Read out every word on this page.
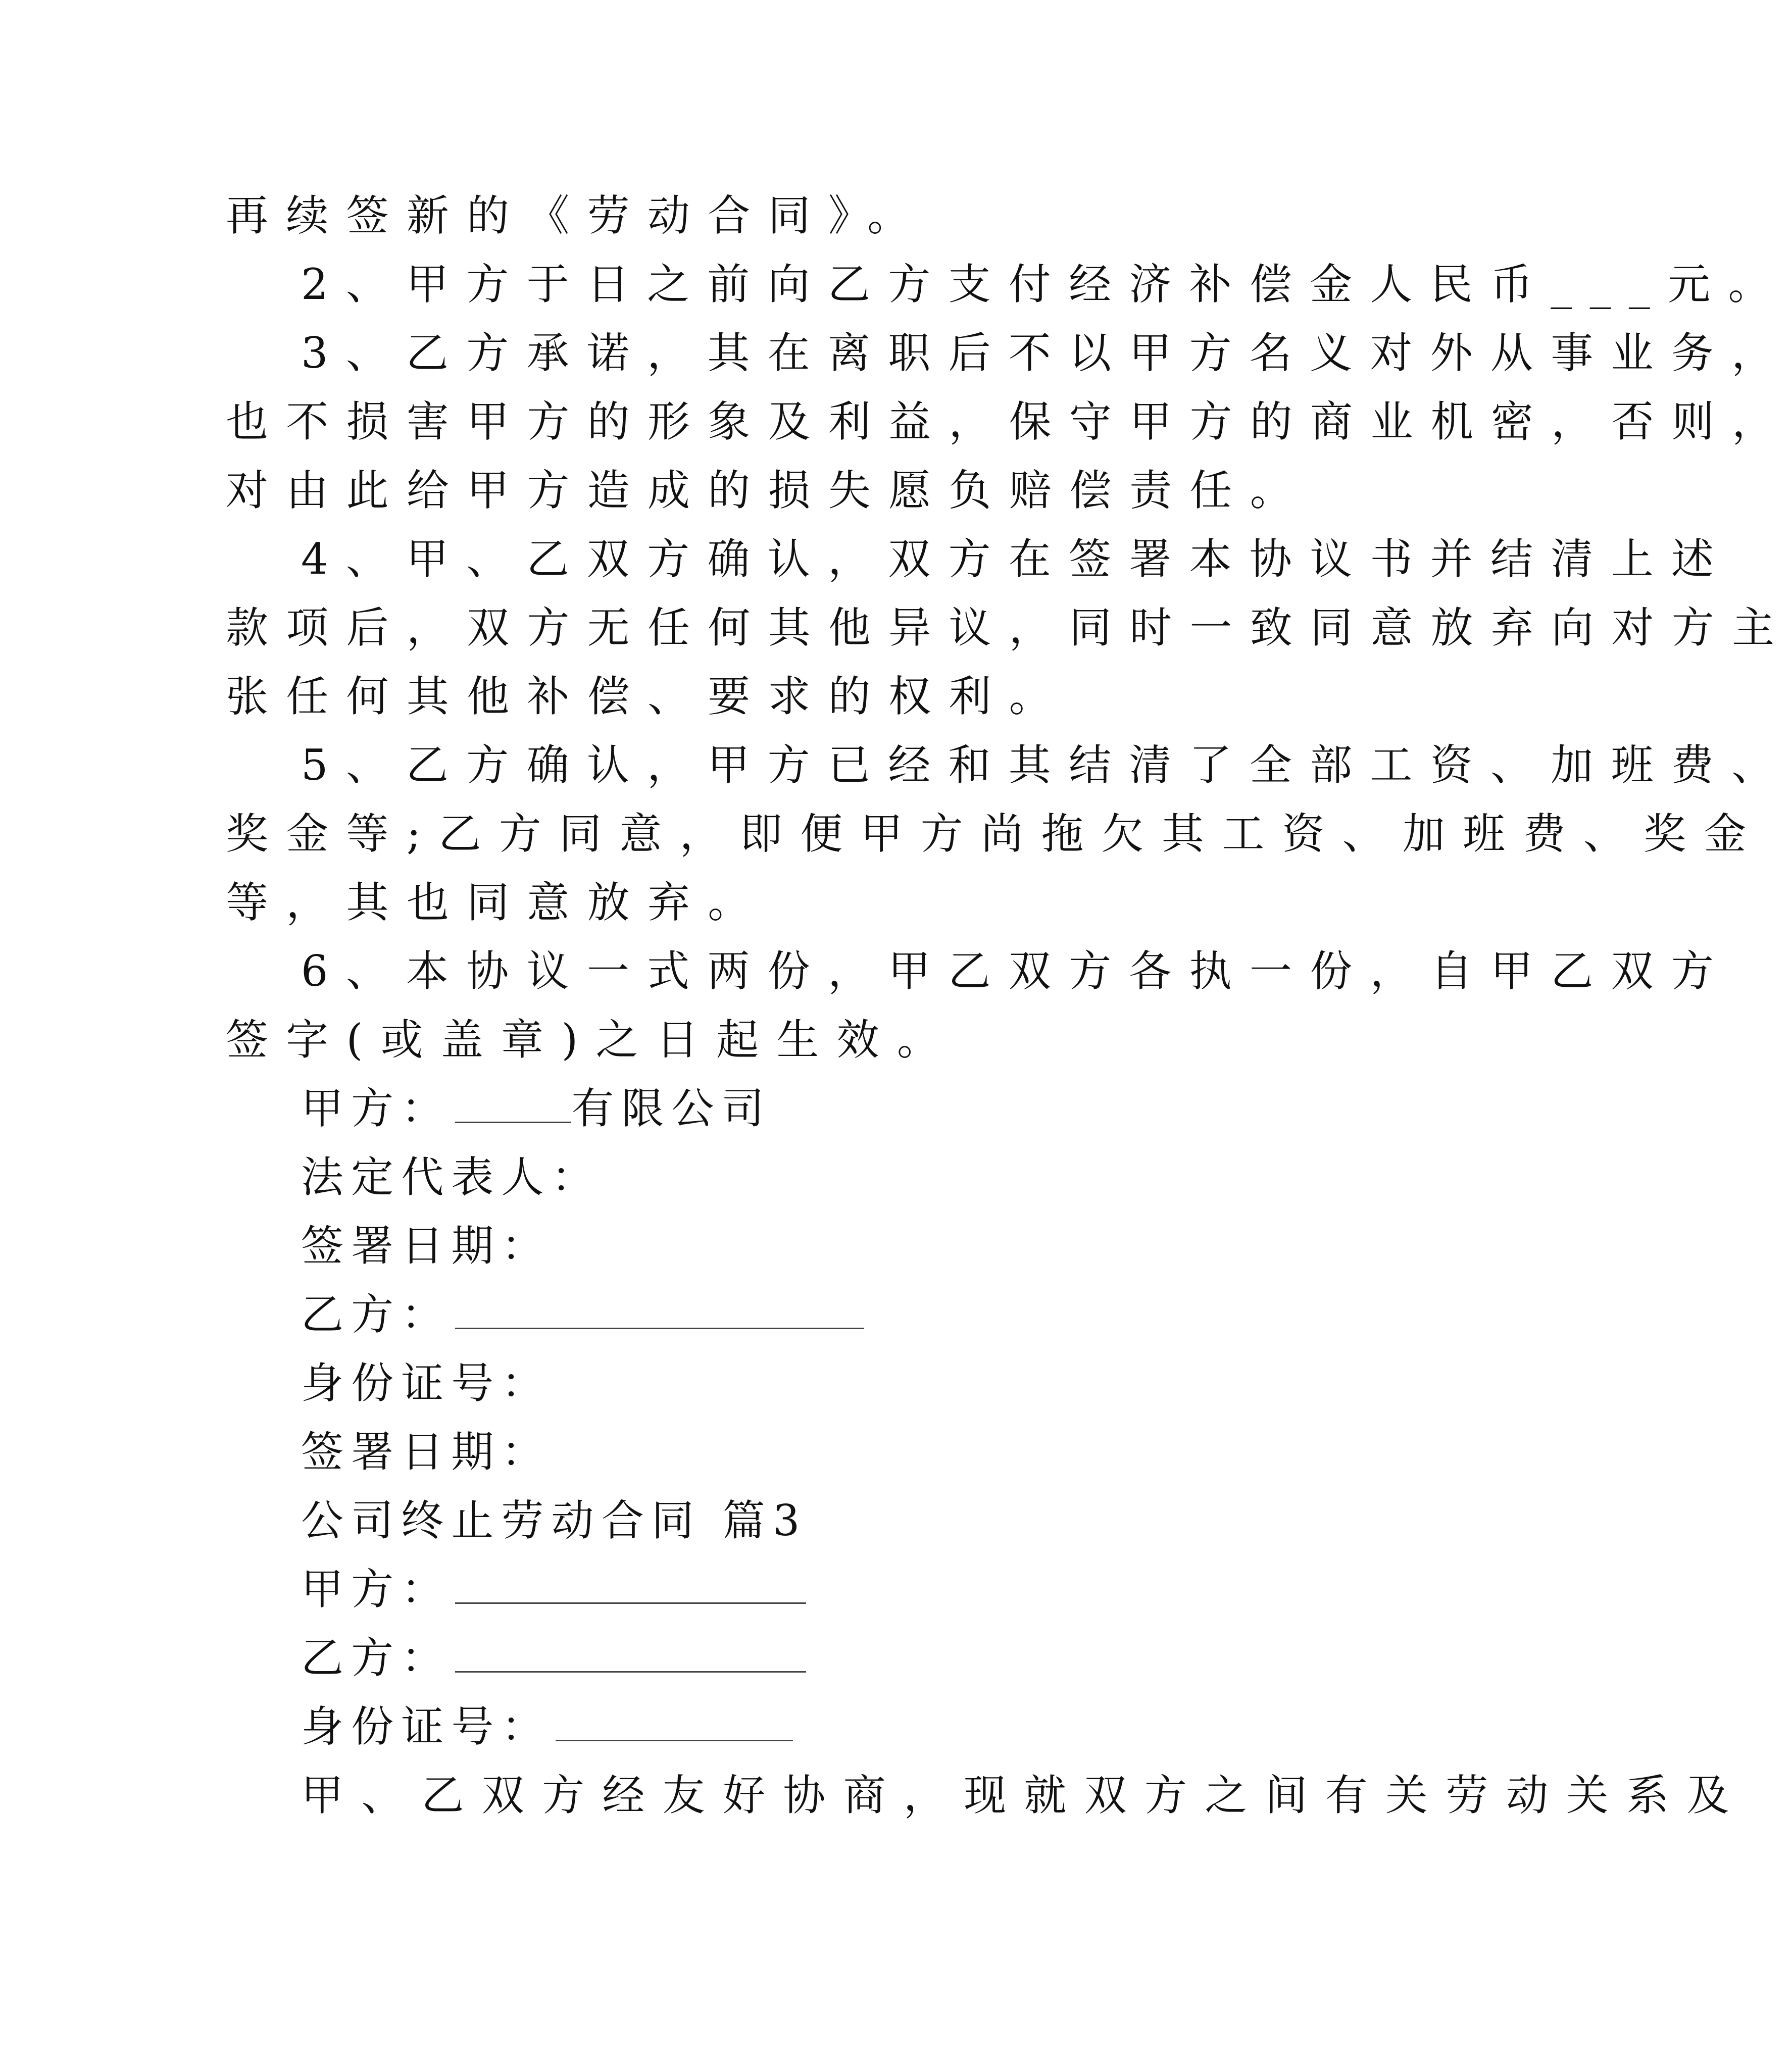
再续签新的《劳动合同》。

2、甲方于日之前向乙方支付经济补偿金人民币___元。

3、乙方承诺，其在离职后不以甲方名义对外从事业务，

也不损害甲方的形象及利益，保守甲方的商业机密，否则，

对由此给甲方造成的损失愿负赔偿责任。

4、甲、乙双方确认，双方在签署本协议书并结清上述

款项后，双方无任何其他异议，同时一致同意放弃向对方主

张任何其他补偿、要求的权利。

5、乙方确认，甲方已经和其结清了全部工资、加班费、

奖金等;乙方同意，即便甲方尚拖欠其工资、加班费、奖金

等，其也同意放弃。

6、本协议一式两份，甲乙双方各执一份，自甲乙双方

签字(或盖章)之日起生效。

甲方：	有限公司

法定代表人：

签署日期：

乙方：

身份证号：

签署日期：

公司终止劳动合同 篇3

甲方：

乙方：

身份证号：

甲、乙双方经友好协商，现就双方之间有关劳动关系及
